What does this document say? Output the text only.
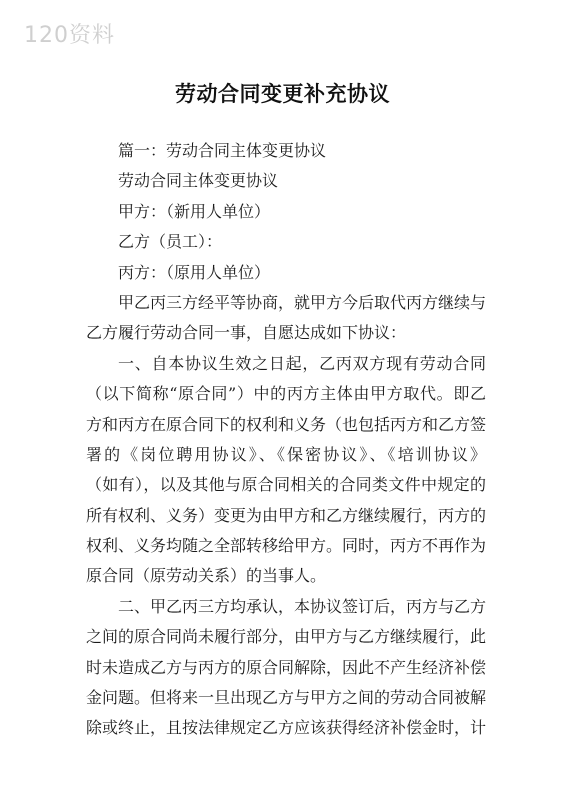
120资料
劳动合同变更补充协议
篇一：劳动合同主体变更协议
劳动合同主体变更协议
甲方：（新用人单位）
乙方（员工）：
丙方：（原用人单位）
甲乙丙三方经平等协商，就甲方今后取代丙方继续与
乙方履行劳动合同一事，自愿达成如下协议：
一、自本协议生效之日起，乙丙双方现有劳动合同
（以下简称“原合同”）中的丙方主体由甲方取代。即乙
方和丙方在原合同下的权利和义务（也包括丙方和乙方签
署的《岗位聘用协议》、《保密协议》、《培训协议》
（如有），以及其他与原合同相关的合同类文件中规定的
所有权利、义务）变更为由甲方和乙方继续履行，丙方的
权利、义务均随之全部转移给甲方。同时，丙方不再作为
原合同（原劳动关系）的当事人。
二、甲乙丙三方均承认，本协议签订后，丙方与乙方
之间的原合同尚未履行部分，由甲方与乙方继续履行，此
时未造成乙方与丙方的原合同解除，因此不产生经济补偿
金问题。但将来一旦出现乙方与甲方之间的劳动合同被解
除或终止，且按法律规定乙方应该获得经济补偿金时，计
